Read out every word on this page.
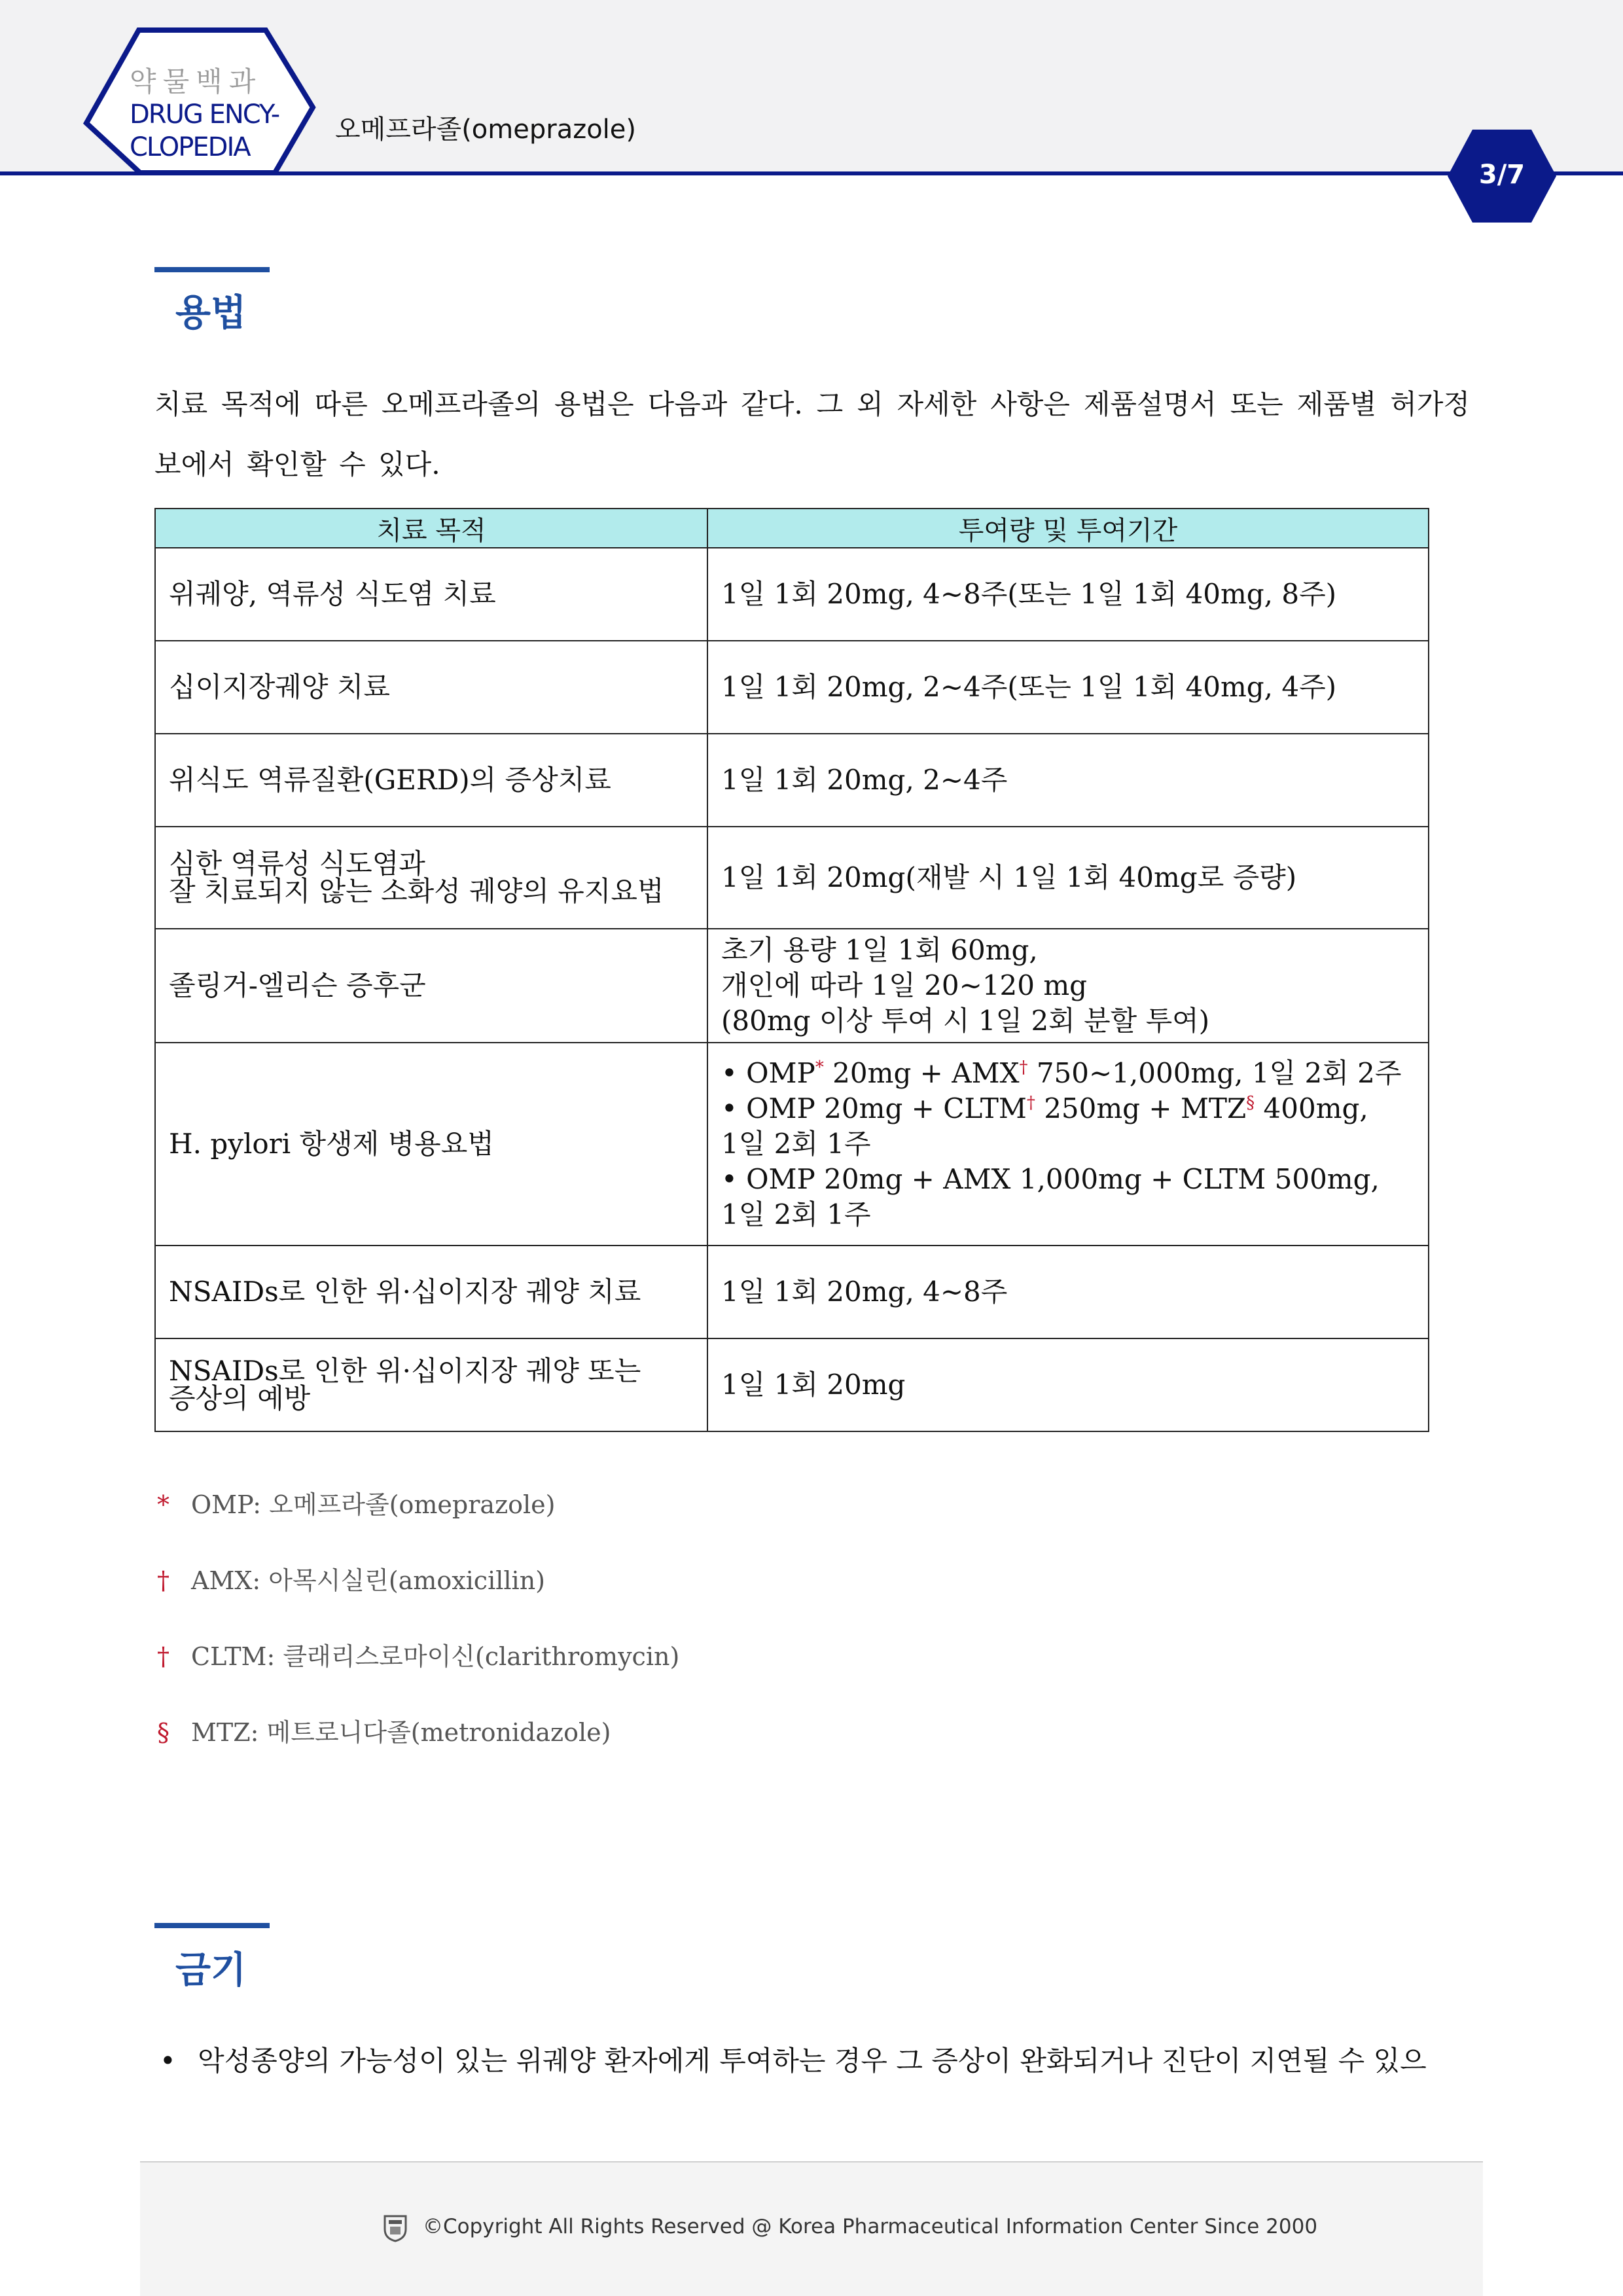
약물백과
DRUG ENCY-
CLOPEDIA
오메프라졸(omeprazole)
3/7
용법

치료 목적에 따른 오메프라졸의 용법은 다음과 같다. 그 외 자세한 사항은 제품설명서 또는 제품별 허가정보에서 확인할 수 있다.

치료 목적	투여량 및 투여기간

위궤양, 역류성 식도염 치료	1일 1회 20mg, 4~8주(또는 1일 1회 40mg, 8주)

십이지장궤양 치료	1일 1회 20mg, 2~4주(또는 1일 1회 40mg, 4주)

위식도 역류질환(GERD)의 증상치료	1일 1회 20mg, 2~4주

심한 역류성 식도염과
잘 치료되지 않는 소화성 궤양의 유지요법	1일 1회 20mg(재발 시 1일 1회 40mg로 증량)

졸링거-엘리슨 증후군	초기 용량 1일 1회 60mg,
개인에 따라 1일 20~120 mg
(80mg 이상 투여 시 1일 2회 분할 투여)

H. pylori 항생제 병용요법	• OMP* 20mg + AMX† 750~1,000mg, 1일 2회 2주
• OMP 20mg + CLTM† 250mg + MTZ§ 400mg,
1일 2회 1주
• OMP 20mg + AMX 1,000mg + CLTM 500mg,
1일 2회 1주

NSAIDs로 인한 위·십이지장 궤양 치료	1일 1회 20mg, 4~8주

NSAIDs로 인한 위·십이지장 궤양 또는
증상의 예방	1일 1회 20mg
* OMP: 오메프라졸(omeprazole)
† AMX: 아목시실린(amoxicillin)
† CLTM: 클래리스로마이신(clarithromycin)
§ MTZ: 메트로니다졸(metronidazole)
금기
• 악성종양의 가능성이 있는 위궤양 환자에게 투여하는 경우 그 증상이 완화되거나 진단이 지연될 수 있으
©Copyright All Rights Reserved @ Korea Pharmaceutical Information Center Since 2000
